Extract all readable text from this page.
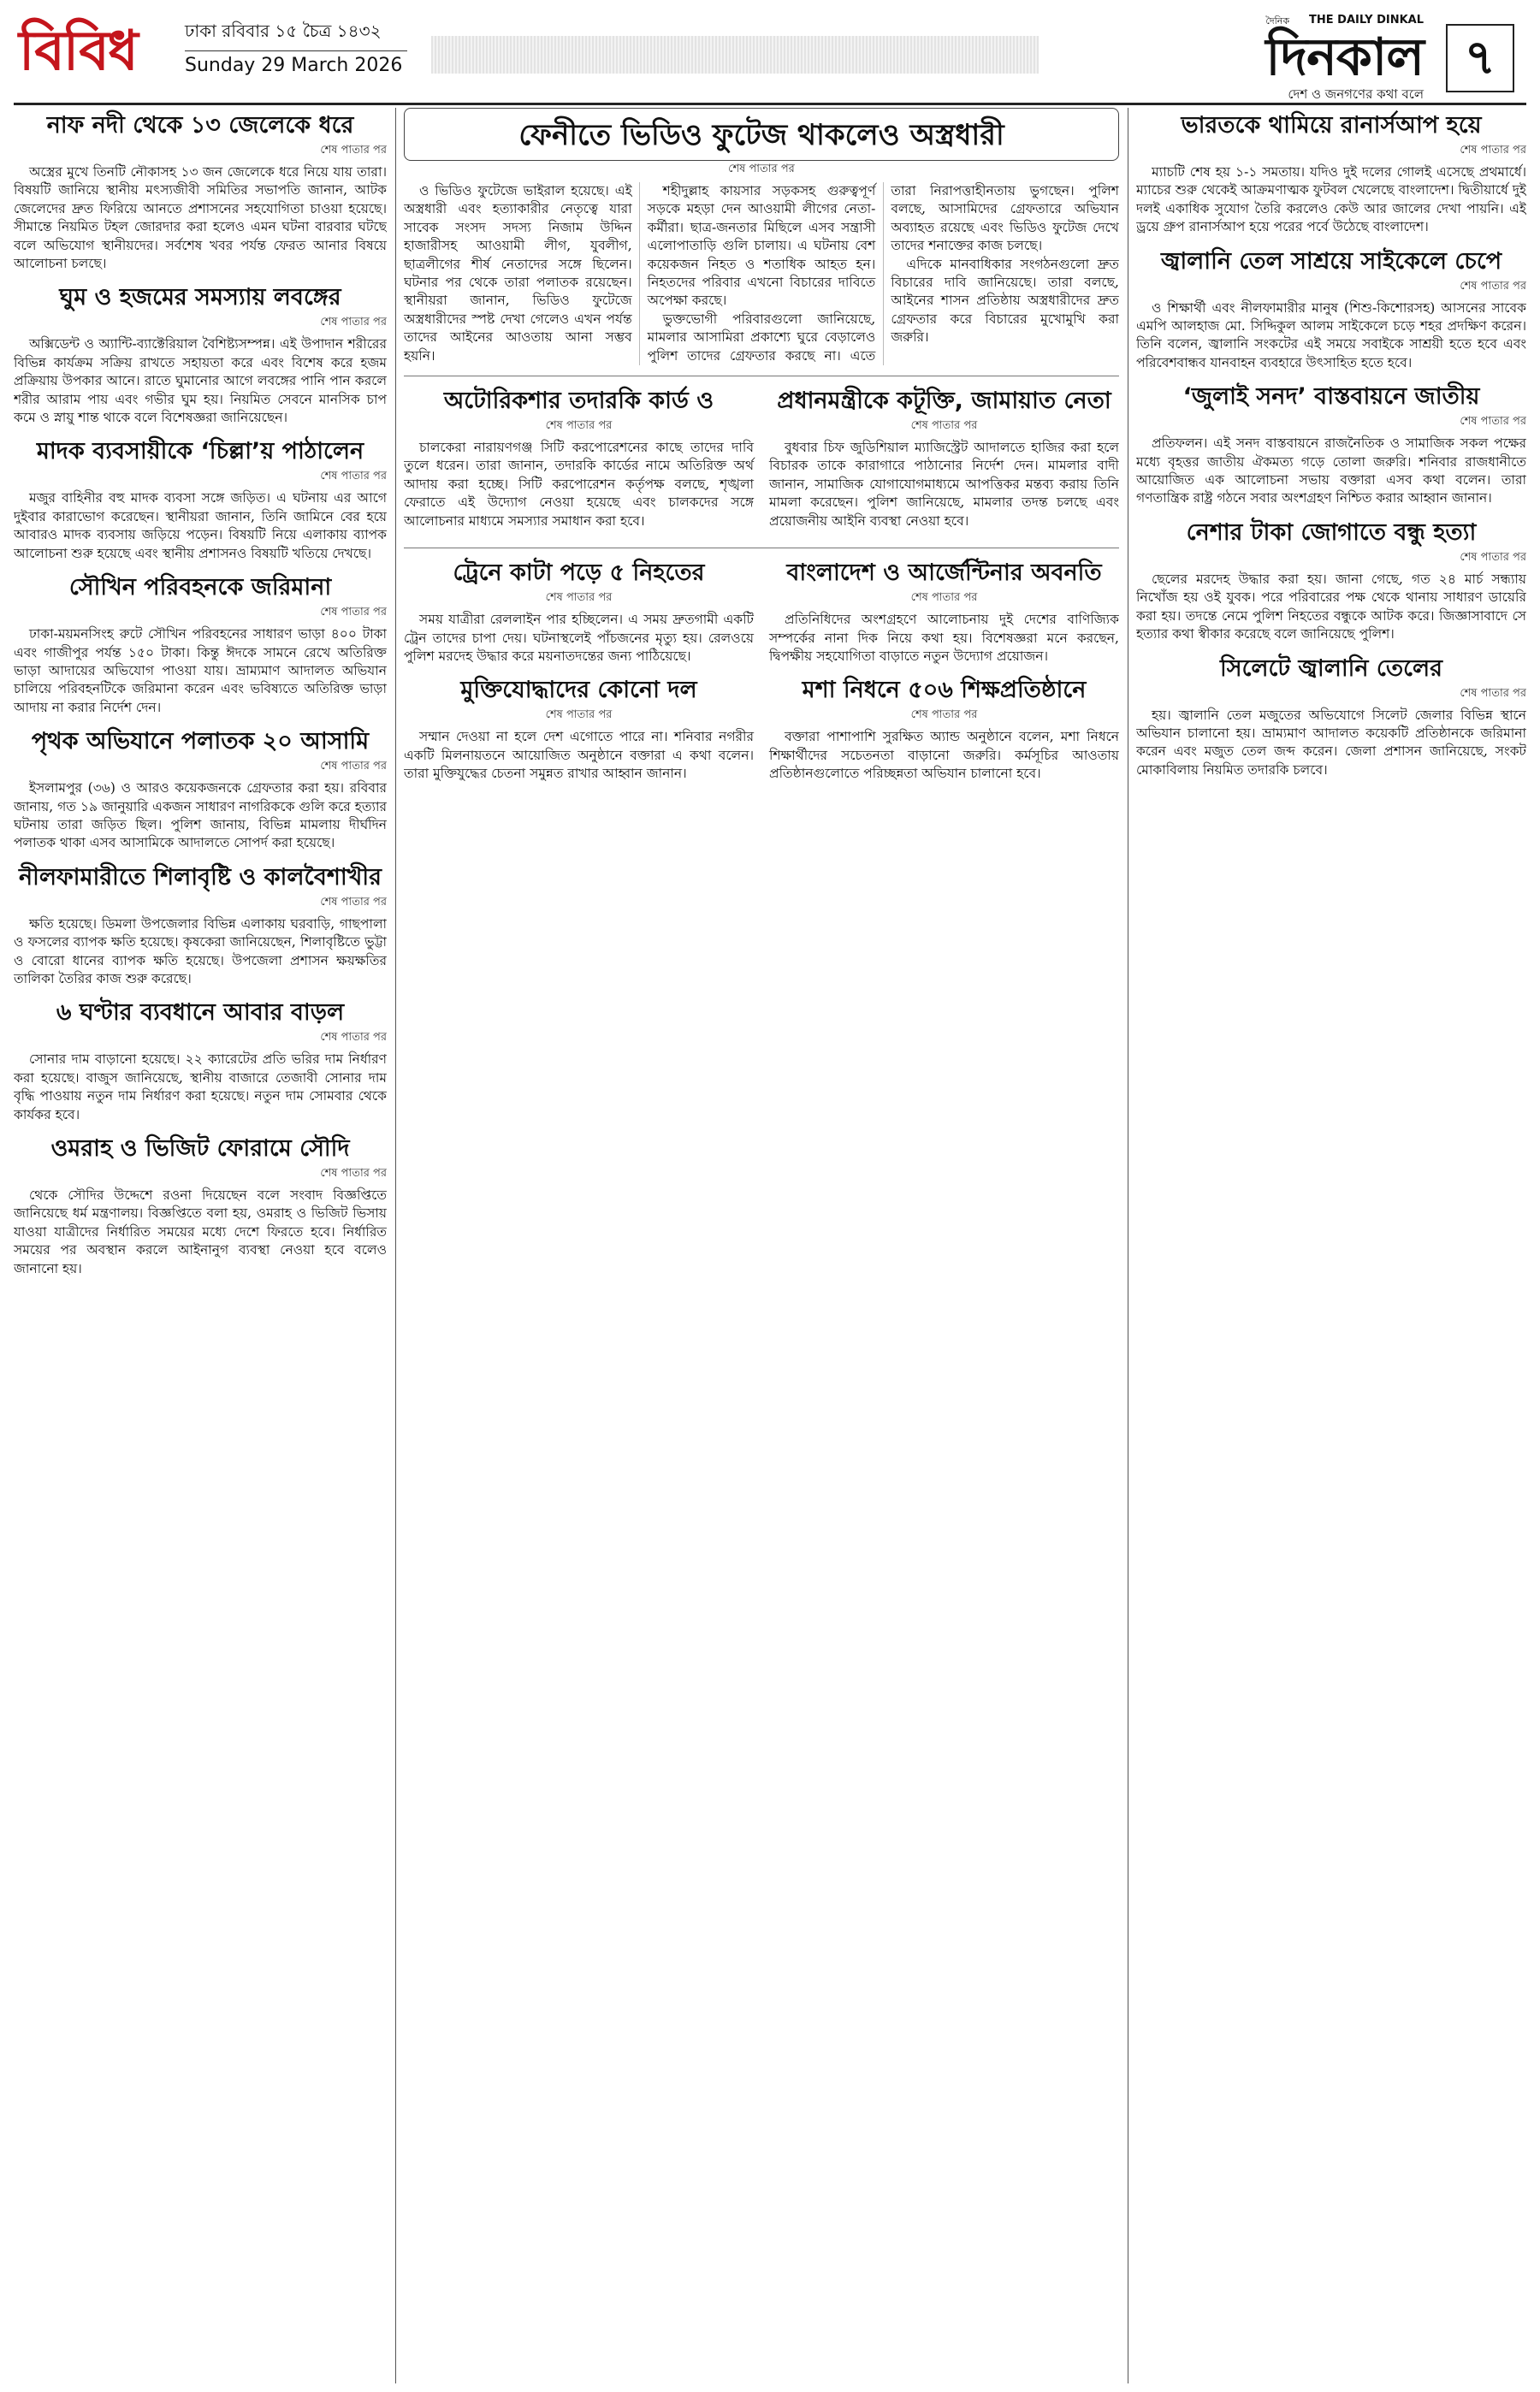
বিবিধ	ঢাকা রবিবার ১৫ চৈত্র ১৪৩২
Sunday 29 March 2026
দৈনিক	THE DAILY DINKAL
দিনকাল
দেশ ও জনগণের কথা বলে
৭
নাফ নদী থেকে ১৩ জেলেকে ধরে
শেষ পাতার পর

অস্ত্রের মুখে তিনটি নৌকাসহ ১৩ জন জেলেকে ধরে নিয়ে যায় তারা। বিষয়টি জানিয়ে স্থানীয় মৎস্যজীবী সমিতির সভাপতি জানান, আটক জেলেদের দ্রুত ফিরিয়ে আনতে প্রশাসনের সহযোগিতা চাওয়া হয়েছে। সীমান্তে নিয়মিত টহল জোরদার করা হলেও এমন ঘটনা বারবার ঘটছে বলে অভিযোগ স্থানীয়দের। সর্বশেষ খবর পর্যন্ত ফেরত আনার বিষয়ে আলোচনা চলছে।

ঘুম ও হজমের সমস্যায় লবঙ্গের
শেষ পাতার পর

অক্সিডেন্ট ও অ্যান্টি-ব্যাক্টেরিয়াল বৈশিষ্ট্যসম্পন্ন। এই উপাদান শরীরের বিভিন্ন কার্যক্রম সক্রিয় রাখতে সহায়তা করে এবং বিশেষ করে হজম প্রক্রিয়ায় উপকার আনে। রাতে ঘুমানোর আগে লবঙ্গের পানি পান করলে শরীর আরাম পায় এবং গভীর ঘুম হয়। নিয়মিত সেবনে মানসিক চাপ কমে ও স্নায়ু শান্ত থাকে বলে বিশেষজ্ঞরা জানিয়েছেন।

মাদক ব্যবসায়ীকে ‘চিল্লা’য় পাঠালেন
শেষ পাতার পর

মজুর বাহিনীর বহু মাদক ব্যবসা সঙ্গে জড়িত। এ ঘটনায় এর আগে দুইবার কারাভোগ করেছেন। স্থানীয়রা জানান, তিনি জামিনে বের হয়ে আবারও মাদক ব্যবসায় জড়িয়ে পড়েন। বিষয়টি নিয়ে এলাকায় ব্যাপক আলোচনা শুরু হয়েছে এবং স্থানীয় প্রশাসনও বিষয়টি খতিয়ে দেখছে।

সৌখিন পরিবহনকে জরিমানা
শেষ পাতার পর

ঢাকা-ময়মনসিংহ রুটে সৌখিন পরিবহনের সাধারণ ভাড়া ৪০০ টাকা এবং গাজীপুর পর্যন্ত ১৫০ টাকা। কিন্তু ঈদকে সামনে রেখে অতিরিক্ত ভাড়া আদায়ের অভিযোগ পাওয়া যায়। ভ্রাম্যমাণ আদালত অভিযান চালিয়ে পরিবহনটিকে জরিমানা করেন এবং ভবিষ্যতে অতিরিক্ত ভাড়া আদায় না করার নির্দেশ দেন।

পৃথক অভিযানে পলাতক ২০ আসামি
শেষ পাতার পর

ইসলামপুর (৩৬) ও আরও কয়েকজনকে গ্রেফতার করা হয়। রবিবার জানায়, গত ১৯ জানুয়ারি একজন সাধারণ নাগরিককে গুলি করে হত্যার ঘটনায় তারা জড়িত ছিল। পুলিশ জানায়, বিভিন্ন মামলায় দীর্ঘদিন পলাতক থাকা এসব আসামিকে আদালতে সোপর্দ করা হয়েছে।

নীলফামারীতে শিলাবৃষ্টি ও কালবৈশাখীর
শেষ পাতার পর

ক্ষতি হয়েছে। ডিমলা উপজেলার বিভিন্ন এলাকায় ঘরবাড়ি, গাছপালা ও ফসলের ব্যাপক ক্ষতি হয়েছে। কৃষকেরা জানিয়েছেন, শিলাবৃষ্টিতে ভুট্টা ও বোরো ধানের ব্যাপক ক্ষতি হয়েছে। উপজেলা প্রশাসন ক্ষয়ক্ষতির তালিকা তৈরির কাজ শুরু করেছে।

৬ ঘণ্টার ব্যবধানে আবার বাড়ল
শেষ পাতার পর

সোনার দাম বাড়ানো হয়েছে। ২২ ক্যারেটের প্রতি ভরির দাম নির্ধারণ করা হয়েছে। বাজুস জানিয়েছে, স্থানীয় বাজারে তেজাবী সোনার দাম বৃদ্ধি পাওয়ায় নতুন দাম নির্ধারণ করা হয়েছে। নতুন দাম সোমবার থেকে কার্যকর হবে।

ওমরাহ ও ভিজিট ফোরামে সৌদি
শেষ পাতার পর

থেকে সৌদির উদ্দেশে রওনা দিয়েছেন বলে সংবাদ বিজ্ঞপ্তিতে জানিয়েছে ধর্ম মন্ত্রণালয়। বিজ্ঞপ্তিতে বলা হয়, ওমরাহ ও ভিজিট ভিসায় যাওয়া যাত্রীদের নির্ধারিত সময়ের মধ্যে দেশে ফিরতে হবে। নির্ধারিত সময়ের পর অবস্থান করলে আইনানুগ ব্যবস্থা নেওয়া হবে বলেও জানানো হয়।

ফেনীতে ভিডিও ফুটেজ থাকলেও অস্ত্রধারী
শেষ পাতার পর

ও ভিডিও ফুটেজে ভাইরাল হয়েছে। এই অস্ত্রধারী এবং হত্যাকারীর নেতৃত্বে যারা সাবেক সংসদ সদস্য নিজাম উদ্দিন হাজারীসহ আওয়ামী লীগ, যুবলীগ, ছাত্রলীগের শীর্ষ নেতাদের সঙ্গে ছিলেন। ঘটনার পর থেকে তারা পলাতক রয়েছেন। স্থানীয়রা জানান, ভিডিও ফুটেজে অস্ত্রধারীদের স্পষ্ট দেখা গেলেও এখন পর্যন্ত তাদের আইনের আওতায় আনা সম্ভব হয়নি।

শহীদুল্লাহ কায়সার সড়কসহ গুরুত্বপূর্ণ সড়কে মহড়া দেন আওয়ামী লীগের নেতা-কর্মীরা। ছাত্র-জনতার মিছিলে এসব সন্ত্রাসী এলোপাতাড়ি গুলি চালায়। এ ঘটনায় বেশ কয়েকজন নিহত ও শতাধিক আহত হন। নিহতদের পরিবার এখনো বিচারের দাবিতে অপেক্ষা করছে।

ভুক্তভোগী পরিবারগুলো জানিয়েছে, মামলার আসামিরা প্রকাশ্যে ঘুরে বেড়ালেও পুলিশ তাদের গ্রেফতার করছে না। এতে তারা নিরাপত্তাহীনতায় ভুগছেন। পুলিশ বলছে, আসামিদের গ্রেফতারে অভিযান অব্যাহত রয়েছে এবং ভিডিও ফুটেজ দেখে তাদের শনাক্তের কাজ চলছে।

এদিকে মানবাধিকার সংগঠনগুলো দ্রুত বিচারের দাবি জানিয়েছে। তারা বলছে, আইনের শাসন প্রতিষ্ঠায় অস্ত্রধারীদের দ্রুত গ্রেফতার করে বিচারের মুখোমুখি করা জরুরি।

অটোরিকশার তদারকি কার্ড ও
শেষ পাতার পর

চালকেরা নারায়ণগঞ্জ সিটি করপোরেশনের কাছে তাদের দাবি তুলে ধরেন। তারা জানান, তদারকি কার্ডের নামে অতিরিক্ত অর্থ আদায় করা হচ্ছে। সিটি করপোরেশন কর্তৃপক্ষ বলছে, শৃঙ্খলা ফেরাতে এই উদ্যোগ নেওয়া হয়েছে এবং চালকদের সঙ্গে আলোচনার মাধ্যমে সমস্যার সমাধান করা হবে।

প্রধানমন্ত্রীকে কটূক্তি, জামায়াত নেতা
শেষ পাতার পর

বুধবার চিফ জুডিশিয়াল ম্যাজিস্ট্রেট আদালতে হাজির করা হলে বিচারক তাকে কারাগারে পাঠানোর নির্দেশ দেন। মামলার বাদী জানান, সামাজিক যোগাযোগমাধ্যমে আপত্তিকর মন্তব্য করায় তিনি মামলা করেছেন। পুলিশ জানিয়েছে, মামলার তদন্ত চলছে এবং প্রয়োজনীয় আইনি ব্যবস্থা নেওয়া হবে।

ট্রেনে কাটা পড়ে ৫ নিহতের
শেষ পাতার পর

সময় যাত্রীরা রেললাইন পার হচ্ছিলেন। এ সময় দ্রুতগামী একটি ট্রেন তাদের চাপা দেয়। ঘটনাস্থলেই পাঁচজনের মৃত্যু হয়। রেলওয়ে পুলিশ মরদেহ উদ্ধার করে ময়নাতদন্তের জন্য পাঠিয়েছে।

মুক্তিযোদ্ধাদের কোনো দল
শেষ পাতার পর

সম্মান দেওয়া না হলে দেশ এগোতে পারে না। শনিবার নগরীর একটি মিলনায়তনে আয়োজিত অনুষ্ঠানে বক্তারা এ কথা বলেন। তারা মুক্তিযুদ্ধের চেতনা সমুন্নত রাখার আহ্বান জানান।

বাংলাদেশ ও আর্জেন্টিনার অবনতি
শেষ পাতার পর

প্রতিনিধিদের অংশগ্রহণে আলোচনায় দুই দেশের বাণিজ্যিক সম্পর্কের নানা দিক নিয়ে কথা হয়। বিশেষজ্ঞরা মনে করছেন, দ্বিপক্ষীয় সহযোগিতা বাড়াতে নতুন উদ্যোগ প্রয়োজন।

মশা নিধনে ৫০৬ শিক্ষপ্রতিষ্ঠানে
শেষ পাতার পর

বক্তারা পাশাপাশি সুরক্ষিত অ্যান্ড অনুষ্ঠানে বলেন, মশা নিধনে শিক্ষার্থীদের সচেতনতা বাড়ানো জরুরি। কর্মসূচির আওতায় প্রতিষ্ঠানগুলোতে পরিচ্ছন্নতা অভিযান চালানো হবে।

ভারতকে থামিয়ে রানার্সআপ হয়ে
শেষ পাতার পর

ম্যাচটি শেষ হয় ১-১ সমতায়। যদিও দুই দলের গোলই এসেছে প্রথমার্ধে। ম্যাচের শুরু থেকেই আক্রমণাত্মক ফুটবল খেলেছে বাংলাদেশ। দ্বিতীয়ার্ধে দুই দলই একাধিক সুযোগ তৈরি করলেও কেউ আর জালের দেখা পায়নি। এই ড্রয়ে গ্রুপ রানার্সআপ হয়ে পরের পর্বে উঠেছে বাংলাদেশ।

জ্বালানি তেল সাশ্রয়ে সাইকেলে চেপে
শেষ পাতার পর

ও শিক্ষার্থী এবং নীলফামারীর মানুষ (শিশু-কিশোরসহ) আসনের সাবেক এমপি আলহাজ মো. সিদ্দিকুল আলম সাইকেলে চড়ে শহর প্রদক্ষিণ করেন। তিনি বলেন, জ্বালানি সংকটের এই সময়ে সবাইকে সাশ্রয়ী হতে হবে এবং পরিবেশবান্ধব যানবাহন ব্যবহারে উৎসাহিত হতে হবে।

‘জুলাই সনদ’ বাস্তবায়নে জাতীয়
শেষ পাতার পর

প্রতিফলন। এই সনদ বাস্তবায়নে রাজনৈতিক ও সামাজিক সকল পক্ষের মধ্যে বৃহত্তর জাতীয় ঐকমত্য গড়ে তোলা জরুরি। শনিবার রাজধানীতে আয়োজিত এক আলোচনা সভায় বক্তারা এসব কথা বলেন। তারা গণতান্ত্রিক রাষ্ট্র গঠনে সবার অংশগ্রহণ নিশ্চিত করার আহ্বান জানান।

নেশার টাকা জোগাতে বন্ধু হত্যা
শেষ পাতার পর

ছেলের মরদেহ উদ্ধার করা হয়। জানা গেছে, গত ২৪ মার্চ সন্ধ্যায় নিখোঁজ হয় ওই যুবক। পরে পরিবারের পক্ষ থেকে থানায় সাধারণ ডায়েরি করা হয়। তদন্তে নেমে পুলিশ নিহতের বন্ধুকে আটক করে। জিজ্ঞাসাবাদে সে হত্যার কথা স্বীকার করেছে বলে জানিয়েছে পুলিশ।

সিলেটে জ্বালানি তেলের
শেষ পাতার পর

হয়। জ্বালানি তেল মজুতের অভিযোগে সিলেট জেলার বিভিন্ন স্থানে অভিযান চালানো হয়। ভ্রাম্যমাণ আদালত কয়েকটি প্রতিষ্ঠানকে জরিমানা করেন এবং মজুত তেল জব্দ করেন। জেলা প্রশাসন জানিয়েছে, সংকট মোকাবিলায় নিয়মিত তদারকি চলবে।
